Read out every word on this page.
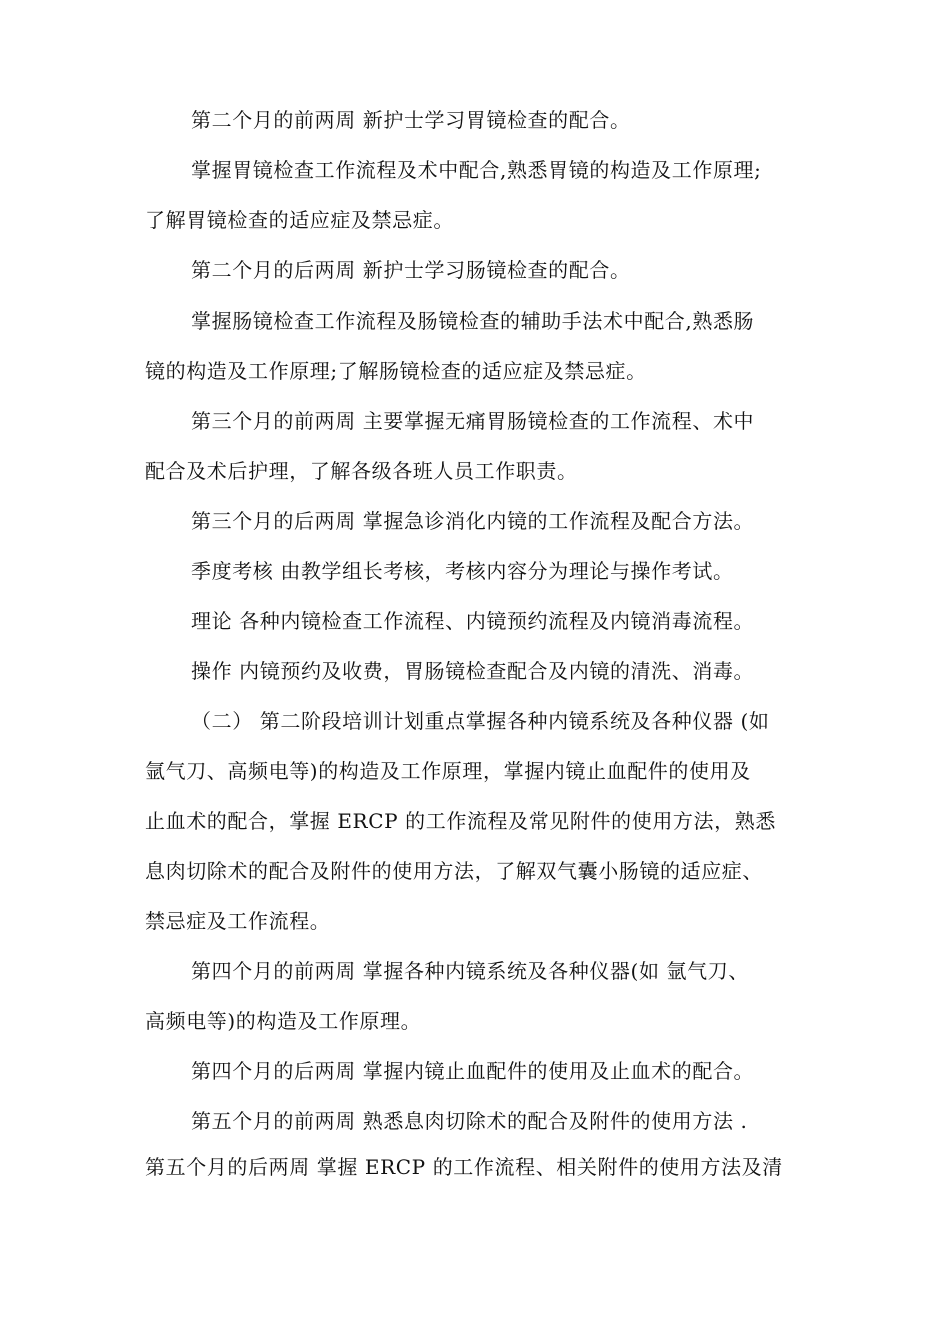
第二个月的前两周 新护士学习胃镜检查的配合。
掌握胃镜检查工作流程及术中配合,熟悉胃镜的构造及工作原理;
了解胃镜检查的适应症及禁忌症。
第二个月的后两周 新护士学习肠镜检查的配合。
掌握肠镜检查工作流程及肠镜检查的辅助手法术中配合,熟悉肠
镜的构造及工作原理;了解肠镜检查的适应症及禁忌症。
第三个月的前两周 主要掌握无痛胃肠镜检查的工作流程、术中
配合及术后护理，了解各级各班人员工作职责。
第三个月的后两周 掌握急诊消化内镜的工作流程及配合方法。
季度考核 由教学组长考核，考核内容分为理论与操作考试。
理论 各种内镜检查工作流程、内镜预约流程及内镜消毒流程。
操作 内镜预约及收费，胃肠镜检查配合及内镜的清洗、消毒。
（二） 第二阶段培训计划重点掌握各种内镜系统及各种仪器 (如
氩气刀、高频电等)的构造及工作原理，掌握内镜止血配件的使用及
止血术的配合，掌握 ERCP 的工作流程及常见附件的使用方法，熟悉
息肉切除术的配合及附件的使用方法，了解双气囊小肠镜的适应症、
禁忌症及工作流程。
第四个月的前两周 掌握各种内镜系统及各种仪器(如 氩气刀、
高频电等)的构造及工作原理。
第四个月的后两周 掌握内镜止血配件的使用及止血术的配合。
第五个月的前两周 熟悉息肉切除术的配合及附件的使用方法 .
第五个月的后两周 掌握 ERCP 的工作流程、相关附件的使用方法及清
